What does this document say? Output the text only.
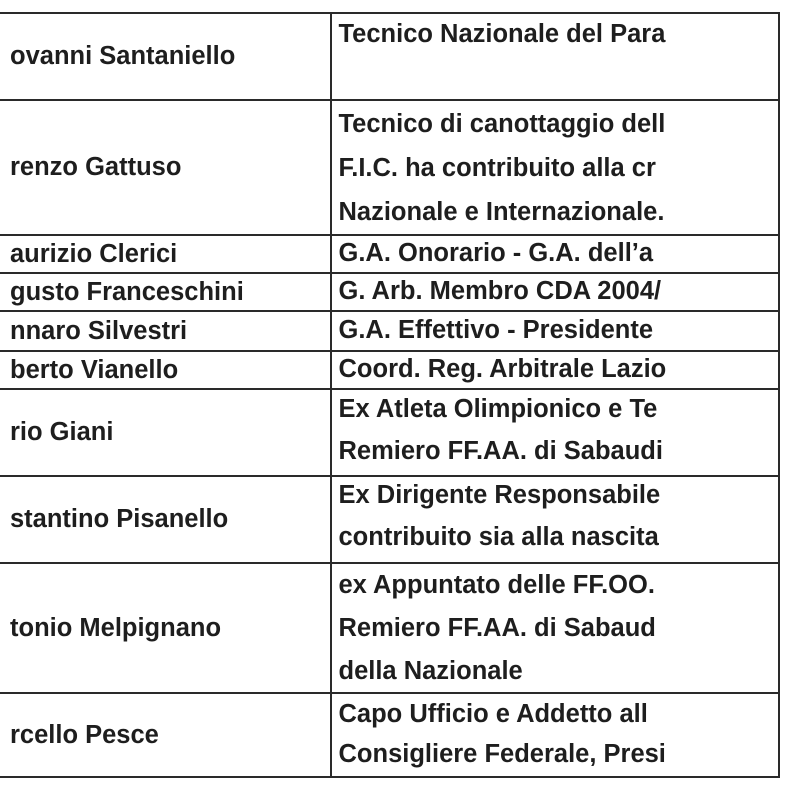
ovanni Santaniello	Tecnico Nazionale del Para

renzo Gattuso	Tecnico di canottaggio dell
F.I.C. ha contribuito alla cr
Nazionale e Internazionale.

aurizio Clerici	G.A. Onorario - G.A. dell’a

gusto Franceschini	G. Arb. Membro CDA 2004/

nnaro Silvestri	G.A. Effettivo - Presidente

berto Vianello	Coord. Reg. Arbitrale Lazio

rio Giani	Ex Atleta Olimpionico e Te
Remiero FF.AA. di Sabaudi

stantino Pisanello	Ex Dirigente Responsabile
contribuito sia alla nascita

tonio Melpignano	ex Appuntato delle FF.OO.
Remiero FF.AA. di Sabaud
della Nazionale

rcello Pesce	Capo Ufficio e Addetto all
Consigliere Federale, Presi
